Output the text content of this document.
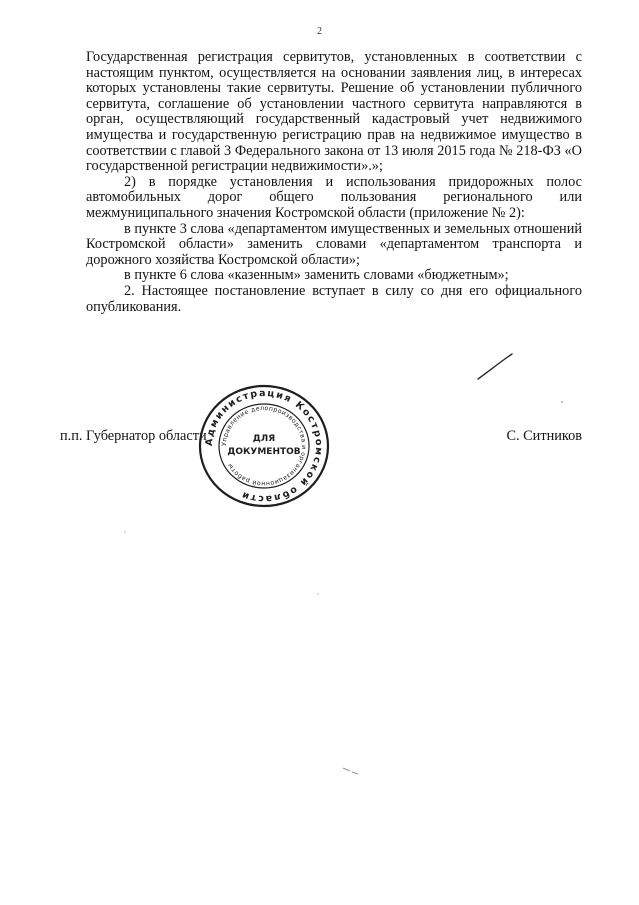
2

Государственная регистрация сервитутов, установленных в соответствии с настоящим пунктом, осуществляется на основании заявления лиц, в интересах которых установлены такие сервитуты. Решение об установлении публичного сервитута, соглашение об установлении частного сервитута направляются в орган, осуществляющий государственный кадастровый учет недвижимого имущества и государственную регистрацию прав на недвижимое имущество в соответствии с главой 3 Федерального закона от 13 июля 2015 года № 218-ФЗ «О государственной регистрации недвижимости».»;

2) в порядке установления и использования придорожных полос автомобильных дорог общего пользования регионального или межмуниципального значения Костромской области (приложение № 2):

в пункте 3 слова «департаментом имущественных и земельных отношений Костромской области» заменить словами «департаментом транспорта и дорожного хозяйства Костромской области»;

в пункте 6 слова «казенным» заменить словами «бюджетным»;

2. Настоящее постановление вступает в силу со дня его официального опубликования.

п.п. Губернатор области	С. Ситников
Администрация Костромской области
Управление делопроизводства и организационной работы
ДЛЯ
ДОКУМЕНТОВ
